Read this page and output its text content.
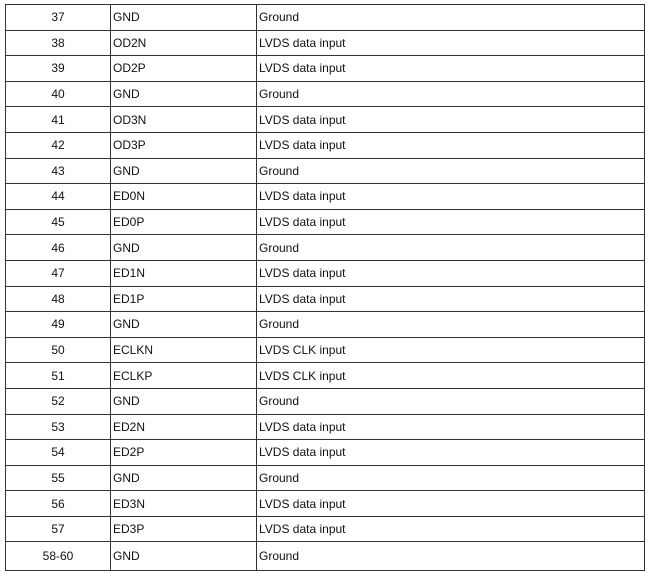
37	GND	Ground
38	OD2N	LVDS data input
39	OD2P	LVDS data input
40	GND	Ground
41	OD3N	LVDS data input
42	OD3P	LVDS data input
43	GND	Ground
44	ED0N	LVDS data input
45	ED0P	LVDS data input
46	GND	Ground
47	ED1N	LVDS data input
48	ED1P	LVDS data input
49	GND	Ground
50	ECLKN	LVDS CLK input
51	ECLKP	LVDS CLK input
52	GND	Ground
53	ED2N	LVDS data input
54	ED2P	LVDS data input
55	GND	Ground
56	ED3N	LVDS data input
57	ED3P	LVDS data input
58-60	GND	Ground
